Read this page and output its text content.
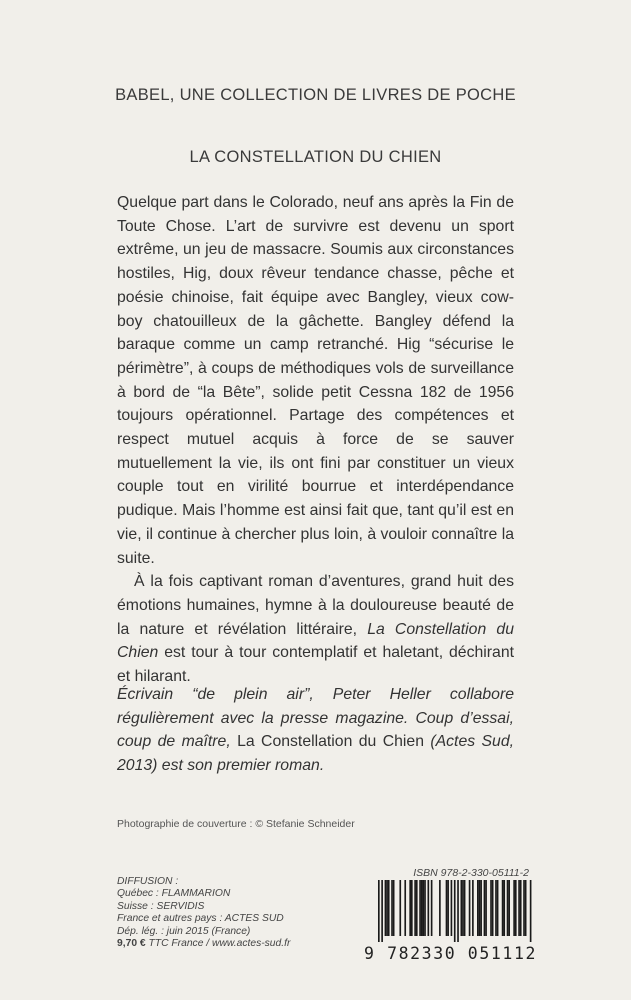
BABEL, UNE COLLECTION DE LIVRES DE POCHE
LA CONSTELLATION DU CHIEN

Quelque part dans le Colorado, neuf ans après la Fin de Toute Chose. L’art de survivre est devenu un sport extrême, un jeu de massacre. Soumis aux circonstances hostiles, Hig, doux rêveur tendance chasse, pêche et poésie chinoise, fait équipe avec Bangley, vieux cow-boy chatouilleux de la gâchette. Bangley défend la baraque comme un camp retranché. Hig “sécurise le périmètre”, à coups de méthodiques vols de surveillance à bord de “la Bête”, solide petit Cessna 182 de 1956 toujours opérationnel. Partage des compétences et respect mutuel acquis à force de se sauver mutuellement la vie, ils ont fini par constituer un vieux couple tout en virilité bourrue et interdépendance pudique. Mais l’homme est ainsi fait que, tant qu’il est en vie, il continue à chercher plus loin, à vouloir connaître la suite.

À la fois captivant roman d’aventures, grand huit des émotions humaines, hymne à la douloureuse beauté de la nature et révélation littéraire, La Constellation du Chien est tour à tour contemplatif et haletant, déchirant et hilarant.

Écrivain “de plein air”, Peter Heller collabore régulièrement avec la presse magazine. Coup d’essai, coup de maître, La Constellation du Chien (Actes Sud, 2013) est son premier roman.
Photographie de couverture : © Stefanie Schneider
DIFFUSION :
Québec : FLAMMARION
Suisse : SERVIDIS
France et autres pays : ACTES SUD
Dép. lég. : juin 2015 (France)
9,70 € TTC France / www.actes-sud.fr
ISBN 978-2-330-05111-2
9 782330 051112
